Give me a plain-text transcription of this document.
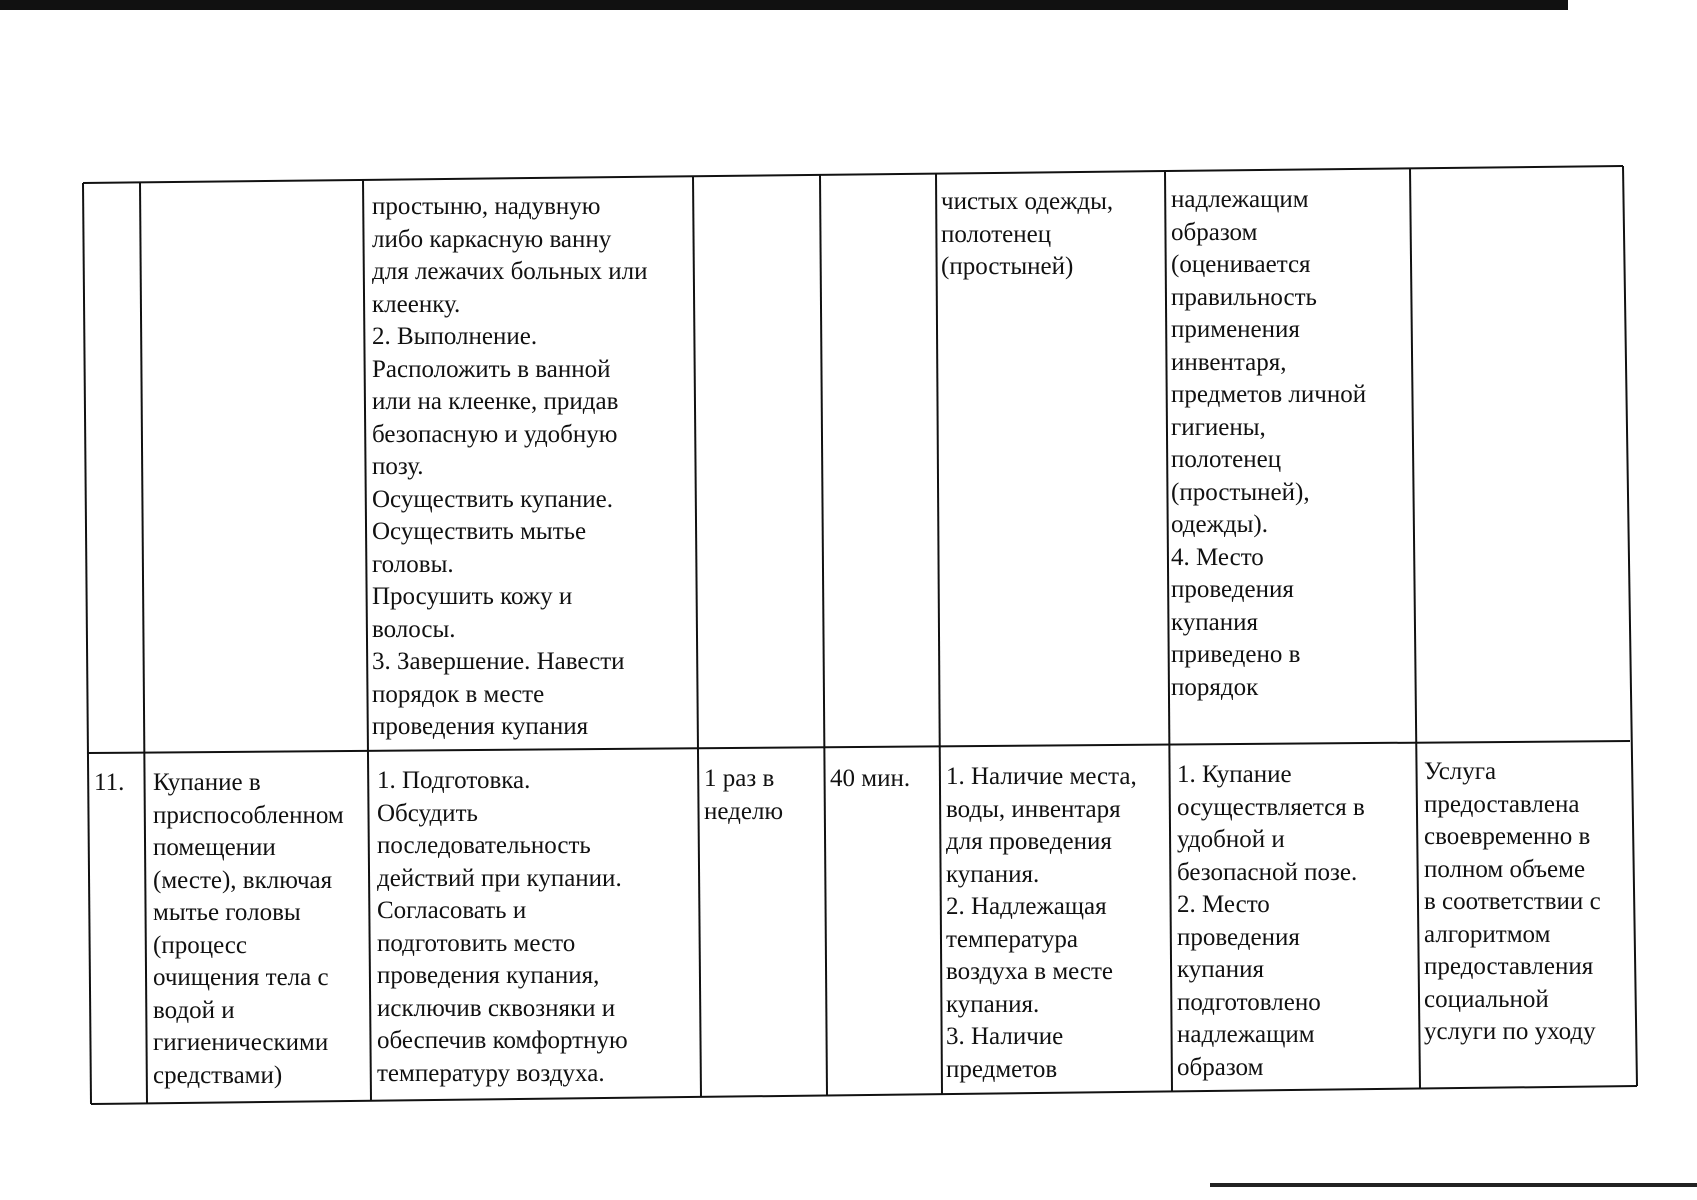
простыню, надувную
либо каркасную ванну
для лежачих больных или
клеенку.
2. Выполнение.
Расположить в ванной
или на клеенке, придав
безопасную и удобную
позу.
Осуществить купание.
Осуществить мытье
головы.
Просушить кожу и
волосы.
3. Завершение. Навести
порядок в месте
проведения купания
чистых одежды,
полотенец
(простыней)
надлежащим
образом
(оценивается
правильность
применения
инвентаря,
предметов личной
гигиены,
полотенец
(простыней),
одежды).
4. Место
проведения
купания
приведено в
порядок
11.	Купание в
приспособленном
помещении
(месте), включая
мытье головы
(процесс
очищения тела с
водой и
гигиеническими
средствами)
1. Подготовка.
Обсудить
последовательность
действий при купании.
Согласовать и
подготовить место
проведения купания,
исключив сквозняки и
обеспечив комфортную
температуру воздуха.
1 раз в
неделю
40 мин.	1. Наличие места,
воды, инвентаря
для проведения
купания.
2. Надлежащая
температура
воздуха в месте
купания.
3. Наличие
предметов
1. Купание
осуществляется в
удобной и
безопасной позе.
2. Место
проведения
купания
подготовлено
надлежащим
образом
Услуга
предоставлена
своевременно в
полном объеме
в соответствии с
алгоритмом
предоставления
социальной
услуги по уходу
